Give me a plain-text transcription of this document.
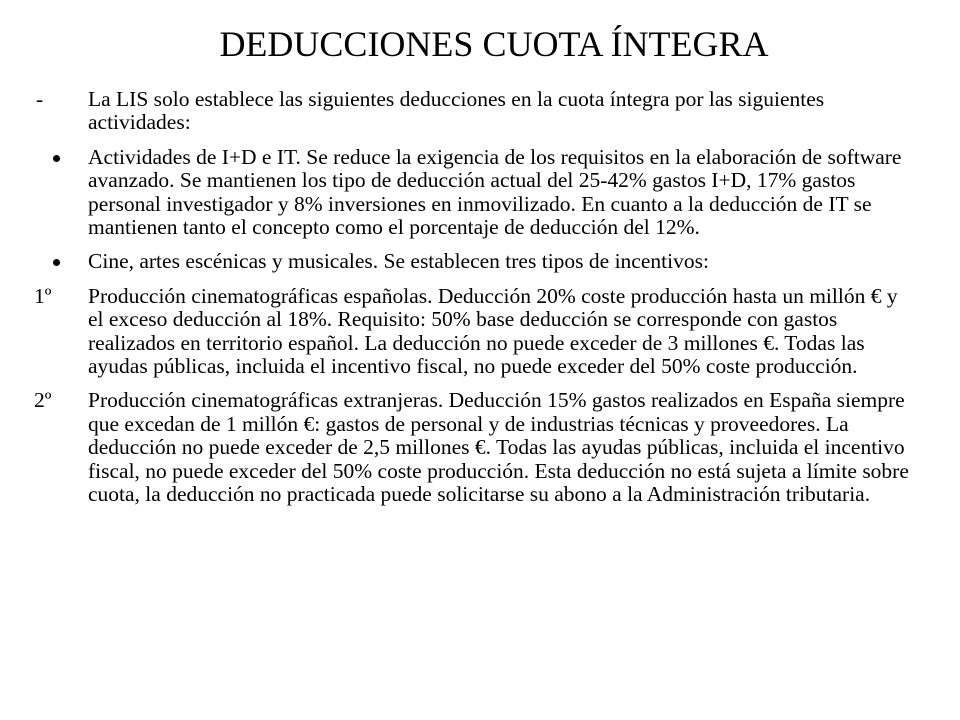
DEDUCCIONES CUOTA ÍNTEGRA
-	La LIS solo establece las siguientes deducciones en la cuota íntegra por las siguientes actividades:
Actividades de I+D e IT. Se reduce la exigencia de los requisitos en la elaboración de software avanzado. Se mantienen los tipo de deducción actual del 25-42% gastos I+D, 17% gastos personal investigador y 8% inversiones en inmovilizado. En cuanto a la deducción de IT se mantienen tanto el concepto como el porcentaje de deducción del 12%.
Cine, artes escénicas y musicales. Se establecen tres tipos de incentivos:
1º	Producción cinematográficas españolas. Deducción 20% coste producción hasta un millón € y el exceso deducción al 18%. Requisito: 50% base deducción se corresponde con gastos realizados en territorio español. La deducción no puede exceder de 3 millones €. Todas las ayudas públicas, incluida el incentivo fiscal, no puede exceder del 50% coste producción.
2º	Producción cinematográficas extranjeras. Deducción 15% gastos realizados en España siempre que excedan de 1 millón €: gastos de personal y de industrias técnicas y proveedores. La deducción no puede exceder de 2,5 millones €. Todas las ayudas públicas, incluida el incentivo fiscal, no puede exceder del 50% coste producción. Esta deducción no está sujeta a límite sobre cuota, la deducción no practicada puede solicitarse su abono a la Administración tributaria.
